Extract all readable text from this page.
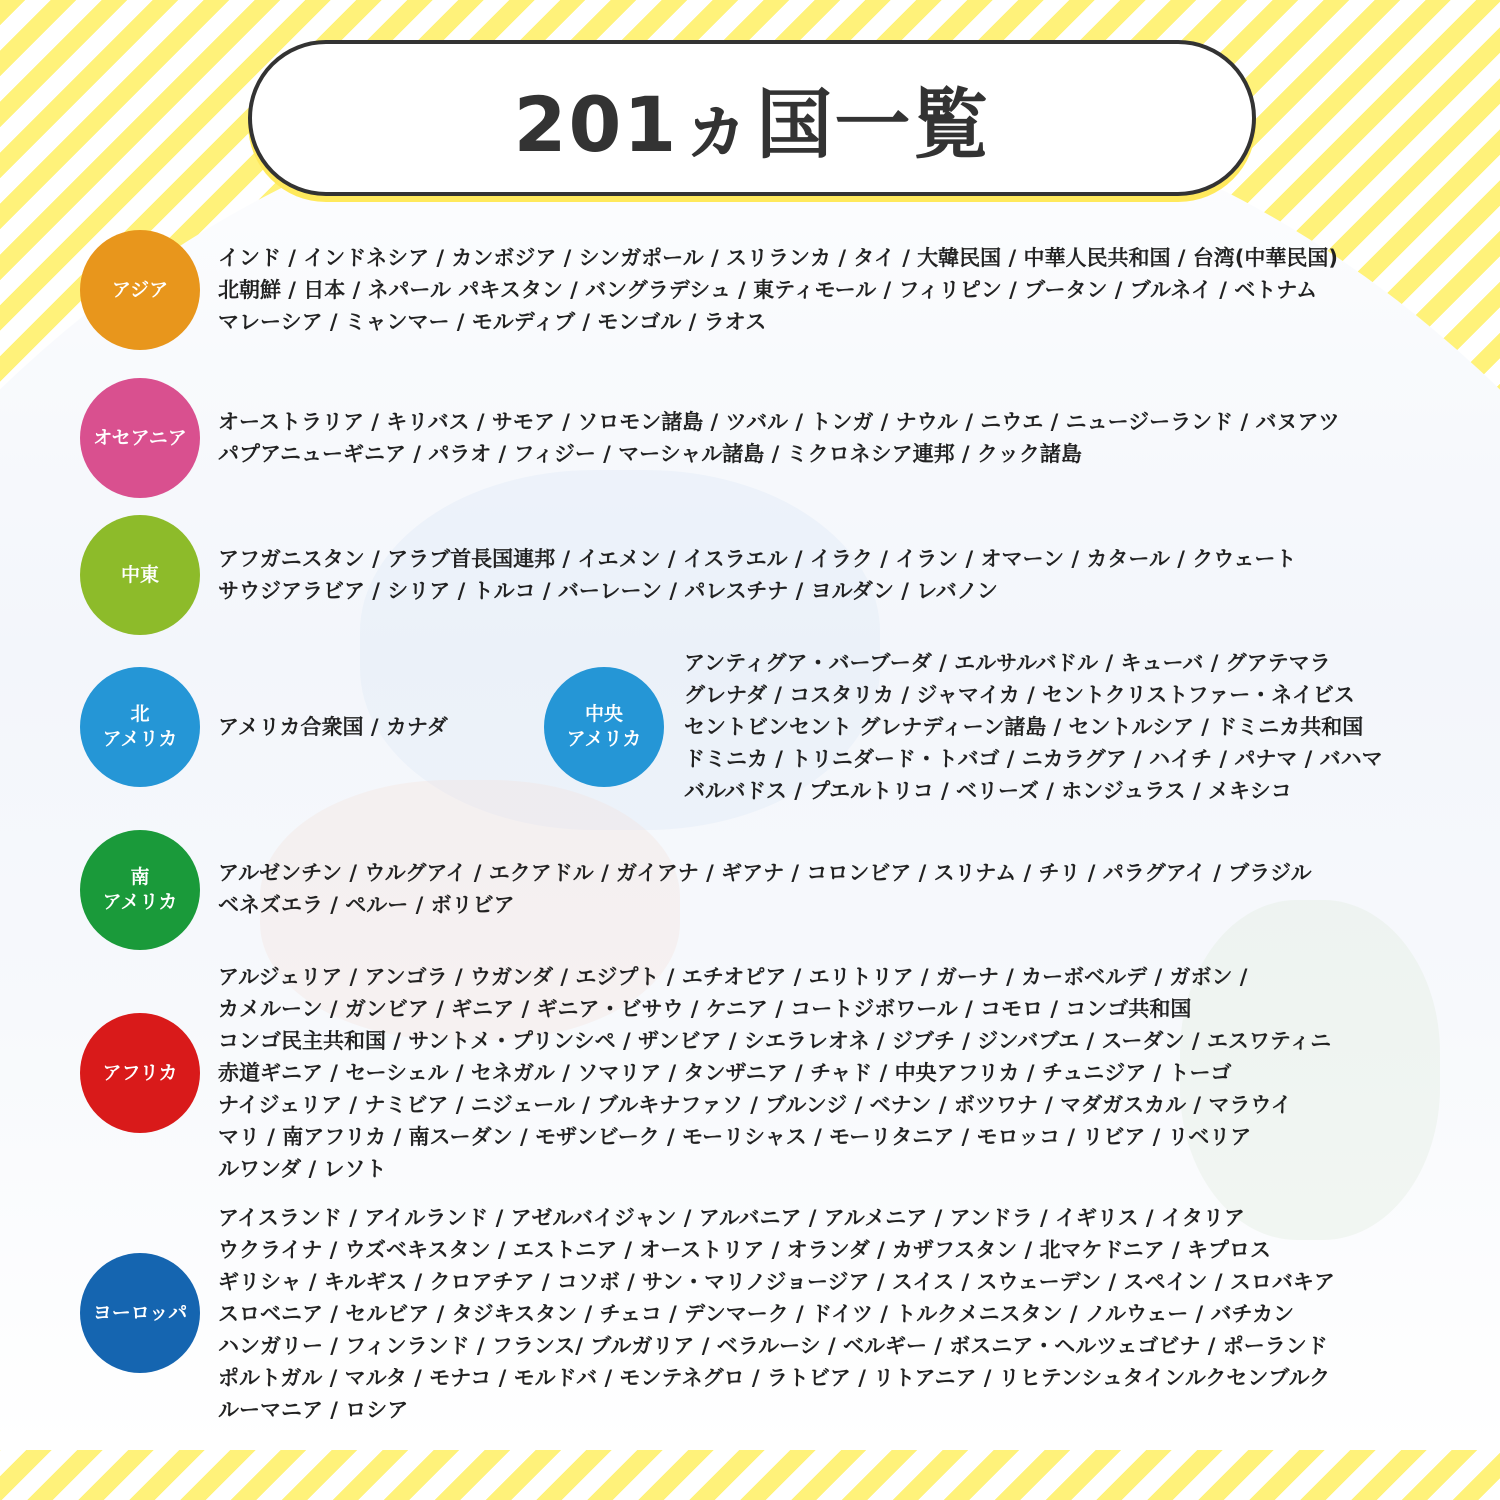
201ヵ国一覧
アジア
インド / インドネシア / カンボジア / シンガポール / スリランカ / タイ / 大韓民国 / 中華人民共和国 / 台湾(中華民国)
北朝鮮 / 日本 / ネパール パキスタン / バングラデシュ / 東ティモール / フィリピン / ブータン / ブルネイ / ベトナム
マレーシア / ミャンマー / モルディブ / モンゴル / ラオス
オセアニア
オーストラリア / キリバス / サモア / ソロモン諸島 / ツバル / トンガ / ナウル / ニウエ / ニュージーランド / バヌアツ
パプアニューギニア / パラオ / フィジー / マーシャル諸島 / ミクロネシア連邦 / クック諸島
中東
アフガニスタン / アラブ首長国連邦 / イエメン / イスラエル / イラク / イラン / オマーン / カタール / クウェート
サウジアラビア / シリア / トルコ / バーレーン / パレスチナ / ヨルダン / レバノン
北
アメリカ	アメリカ合衆国 / カナダ
中央
アメリカ
アンティグア・バーブーダ / エルサルバドル / キューバ / グアテマラ
グレナダ / コスタリカ / ジャマイカ / セントクリストファー・ネイビス
セントビンセント グレナディーン諸島 / セントルシア / ドミニカ共和国
ドミニカ / トリニダード・トバゴ / ニカラグア / ハイチ / パナマ / バハマ
バルバドス / プエルトリコ / ベリーズ / ホンジュラス / メキシコ
南
アメリカ
アルゼンチン / ウルグアイ / エクアドル / ガイアナ / ギアナ / コロンビア / スリナム / チリ / パラグアイ / ブラジル
ベネズエラ / ペルー / ボリビア
アフリカ
アルジェリア / アンゴラ / ウガンダ / エジプト / エチオピア / エリトリア / ガーナ / カーボベルデ / ガボン /
カメルーン / ガンビア / ギニア / ギニア・ビサウ / ケニア / コートジボワール / コモロ / コンゴ共和国
コンゴ民主共和国 / サントメ・プリンシペ / ザンビア / シエラレオネ / ジブチ / ジンバブエ / スーダン / エスワティニ
赤道ギニア / セーシェル / セネガル / ソマリア / タンザニア / チャド / 中央アフリカ / チュニジア / トーゴ
ナイジェリア / ナミビア / ニジェール / ブルキナファソ / ブルンジ / ベナン / ボツワナ / マダガスカル / マラウイ
マリ / 南アフリカ / 南スーダン / モザンビーク / モーリシャス / モーリタニア / モロッコ / リビア / リベリア
ルワンダ / レソト
ヨーロッパ
アイスランド / アイルランド / アゼルバイジャン / アルバニア / アルメニア / アンドラ / イギリス / イタリア
ウクライナ / ウズベキスタン / エストニア / オーストリア / オランダ / カザフスタン / 北マケドニア / キプロス
ギリシャ / キルギス / クロアチア / コソボ / サン・マリノジョージア / スイス / スウェーデン / スペイン / スロバキア
スロベニア / セルビア / タジキスタン / チェコ / デンマーク / ドイツ / トルクメニスタン / ノルウェー / バチカン
ハンガリー / フィンランド / フランス/ ブルガリア / ベラルーシ / ベルギー / ボスニア・ヘルツェゴビナ / ポーランド
ポルトガル / マルタ / モナコ / モルドバ / モンテネグロ / ラトビア / リトアニア / リヒテンシュタインルクセンブルク
ルーマニア / ロシア
